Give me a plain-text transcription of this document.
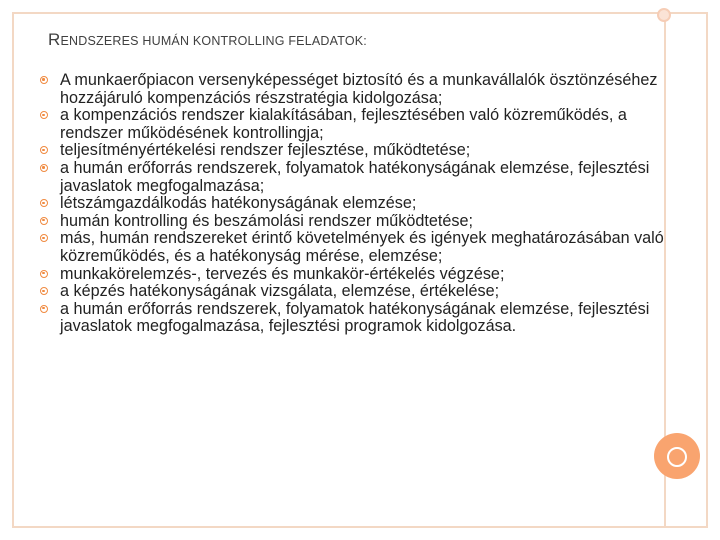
RENDSZERES HUMÁN KONTROLLING FELADATOK:
A munkaerőpiacon versenyképességet biztosító és a munkavállalók ösztönzéséhez hozzájáruló kompenzációs részstratégia kidolgozása;
a kompenzációs rendszer kialakításában, fejlesztésében való közreműködés, a rendszer működésének kontrollingja;
teljesítményértékelési rendszer fejlesztése, működtetése;
a humán erőforrás rendszerek, folyamatok hatékonyságának elemzése, fejlesztési javaslatok megfogalmazása;
létszámgazdálkodás hatékonyságának elemzése;
humán kontrolling és beszámolási rendszer működtetése;
más, humán rendszereket érintő követelmények és igények meghatározásában való közreműködés, és a hatékonyság mérése, elemzése;
munkakörelemzés-, tervezés és munkakör-értékelés végzése;
a képzés hatékonyságának vizsgálata, elemzése, értékelése;
a humán erőforrás rendszerek, folyamatok hatékonyságának elemzése, fejlesztési javaslatok megfogalmazása, fejlesztési programok kidolgozása.
